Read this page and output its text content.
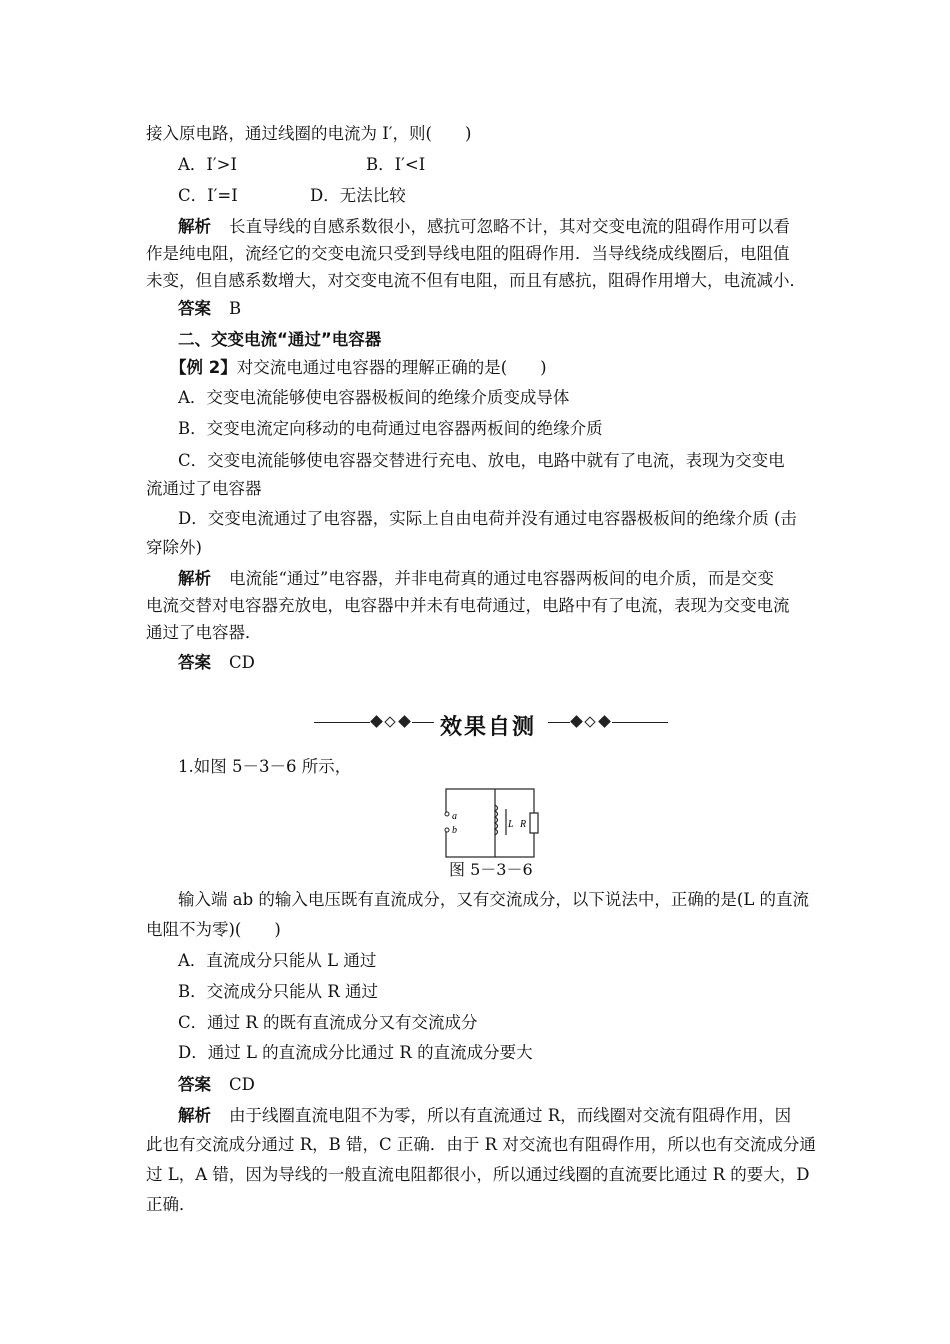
接入原电路，通过线圈的电流为 I′，则(　　)
A．I′>I	B．I′<I
C．I′=I	D．无法比较
解析 长直导线的自感系数很小，感抗可忽略不计，其对交变电流的阻碍作用可以看
作是纯电阻，流经它的交变电流只受到导线电阻的阻碍作用．当导线绕成线圈后，电阻值
未变，但自感系数增大，对交变电流不但有电阻，而且有感抗，阻碍作用增大，电流减小．
答案 B
二、交变电流“通过”电容器
【例 2】对交流电通过电容器的理解正确的是(　　)
A．交变电流能够使电容器极板间的绝缘介质变成导体
B．交变电流定向移动的电荷通过电容器两板间的绝缘介质
C．交变电流能够使电容器交替进行充电、放电，电路中就有了电流，表现为交变电
流通过了电容器
D．交变电流通过了电容器，实际上自由电荷并没有通过电容器极板间的绝缘介质 (击
穿除外)
解析 电流能“通过”电容器，并非电荷真的通过电容器两板间的电介质，而是交变
电流交替对电容器充放电，电容器中并未有电荷通过，电路中有了电流，表现为交变电流
通过了电容器．
答案 CD
效果自测
1.如图 5－3－6 所示，
a
b
L R
图 5－3－6
输入端 ab 的输入电压既有直流成分，又有交流成分，以下说法中，正确的是(L 的直流
电阻不为零)(　　)
A．直流成分只能从 L 通过
B．交流成分只能从 R 通过
C．通过 R 的既有直流成分又有交流成分
D．通过 L 的直流成分比通过 R 的直流成分要大
答案 CD
解析 由于线圈直流电阻不为零，所以有直流通过 R，而线圈对交流有阻碍作用，因
此也有交流成分通过 R，B 错，C 正确．由于 R 对交流也有阻碍作用，所以也有交流成分通
过 L，A 错，因为导线的一般直流电阻都很小，所以通过线圈的直流要比通过 R 的要大，D
正确．
